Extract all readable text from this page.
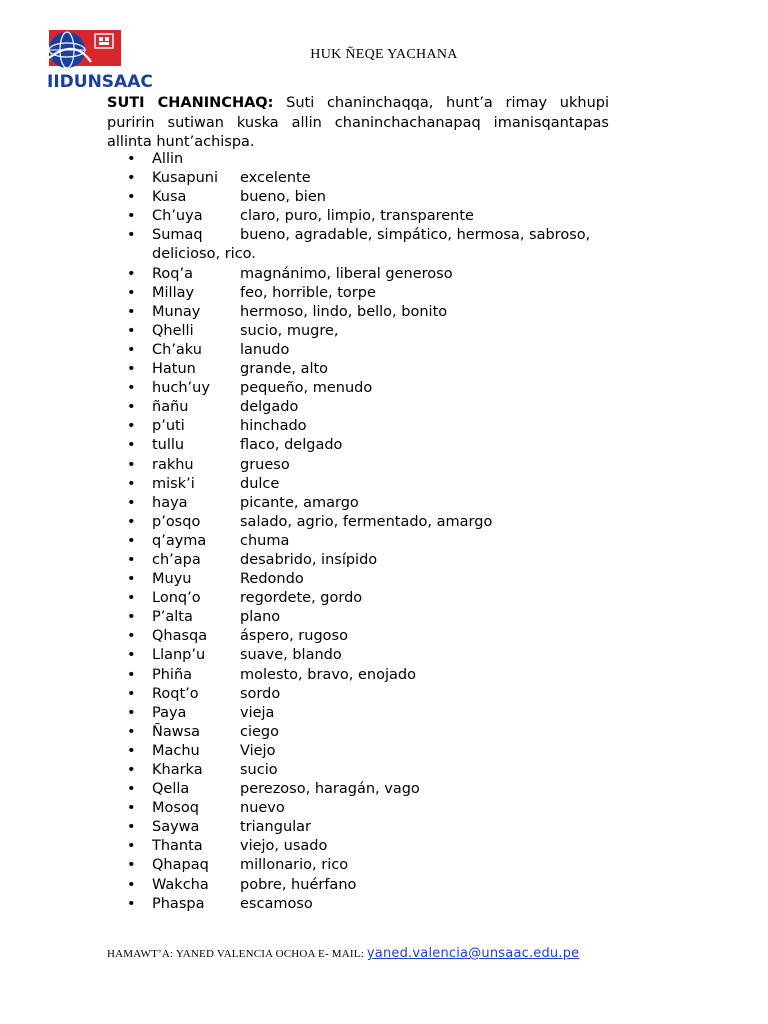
IIDUNSAAC
HUK ÑEQE YACHANA
SUTI CHANINCHAQ: Suti chaninchaqqa, hunt’a rimay ukhupi puririn sutiwan kuska allin chaninchachanapaq imanisqantapas allinta hunt’achispa.
• Allin
• Kusapuni excelente
• Kusa	bueno, bien
• Ch’uya	claro, puro, limpio, transparente
• Sumaq	bueno, agradable, simpático, hermosa, sabroso,
delicioso, rico.
• Roq’a	magnánimo, liberal generoso
• Millay	feo, horrible, torpe
• Munay	hermoso, lindo, bello, bonito
• Qhelli	sucio, mugre,
• Ch’aku	lanudo
• Hatun	grande, alto
• huch’uy pequeño, menudo
• ñañu	delgado
• p’uti	hinchado
• tullu	flaco, delgado
• rakhu	grueso
• misk’i	dulce
• haya	picante, amargo
• p’osqo	salado, agrio, fermentado, amargo
• q’ayma chuma
• ch’apa	desabrido, insípido
• Muyu	Redondo
• Lonq’o	regordete, gordo
• P’alta	plano
• Qhasqa áspero, rugoso
• Llanp’u suave, blando
• Phiña	molesto, bravo, enojado
• Roqt’o	sordo
• Paya	vieja
• Ñawsa	ciego
• Machu	Viejo
• Kharka	sucio
• Qella	perezoso, haragán, vago
• Mosoq	nuevo
• Saywa	triangular
• Thanta	viejo, usado
• Qhapaq millonario, rico
• Wakcha pobre, huérfano
• Phaspa escamoso
HAMAWT’A: YANED VALENCIA OCHOA E- MAIL: yaned.valencia@unsaac.edu.pe
